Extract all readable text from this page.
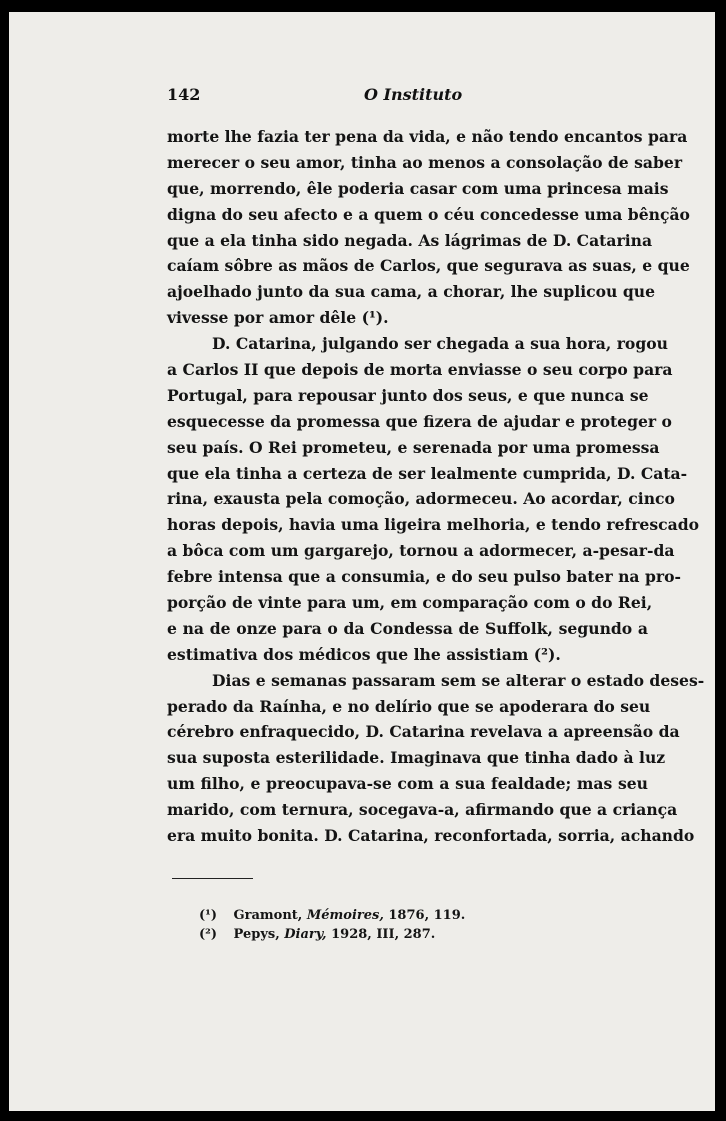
142	O Instituto
morte lhe fazia ter pena da vida, e não tendo encantos para
merecer o seu amor, tinha ao menos a consolação de saber
que, morrendo, êle poderia casar com uma princesa mais
digna do seu afecto e a quem o céu concedesse uma bênção
que a ela tinha sido negada. As lágrimas de D. Catarina
caíam sôbre as mãos de Carlos, que segurava as suas, e que
ajoelhado junto da sua cama, a chorar, lhe suplicou que
vivesse por amor dêle (¹).
D. Catarina, julgando ser chegada a sua hora, rogou
a Carlos II que depois de morta enviasse o seu corpo para
Portugal, para repousar junto dos seus, e que nunca se
esquecesse da promessa que fizera de ajudar e proteger o
seu país. O Rei prometeu, e serenada por uma promessa
que ela tinha a certeza de ser lealmente cumprida, D. Cata-
rina, exausta pela comoção, adormeceu. Ao acordar, cinco
horas depois, havia uma ligeira melhoria, e tendo refrescado
a bôca com um gargarejo, tornou a adormecer, a-pesar-da
febre intensa que a consumia, e do seu pulso bater na pro-
porção de vinte para um, em comparação com o do Rei,
e na de onze para o da Condessa de Suffolk, segundo a
estimativa dos médicos que lhe assistiam (²).
Dias e semanas passaram sem se alterar o estado deses-
perado da Raínha, e no delírio que se apoderara do seu
cérebro enfraquecido, D. Catarina revelava a apreensão da
sua suposta esterilidade. Imaginava que tinha dado à luz
um filho, e preocupava-se com a sua fealdade; mas seu
marido, com ternura, socegava-a, afirmando que a criança
era muito bonita. D. Catarina, reconfortada, sorria, achando
(¹) Gramont, Mémoires, 1876, 119.
(²) Pepys, Diary, 1928, III, 287.
